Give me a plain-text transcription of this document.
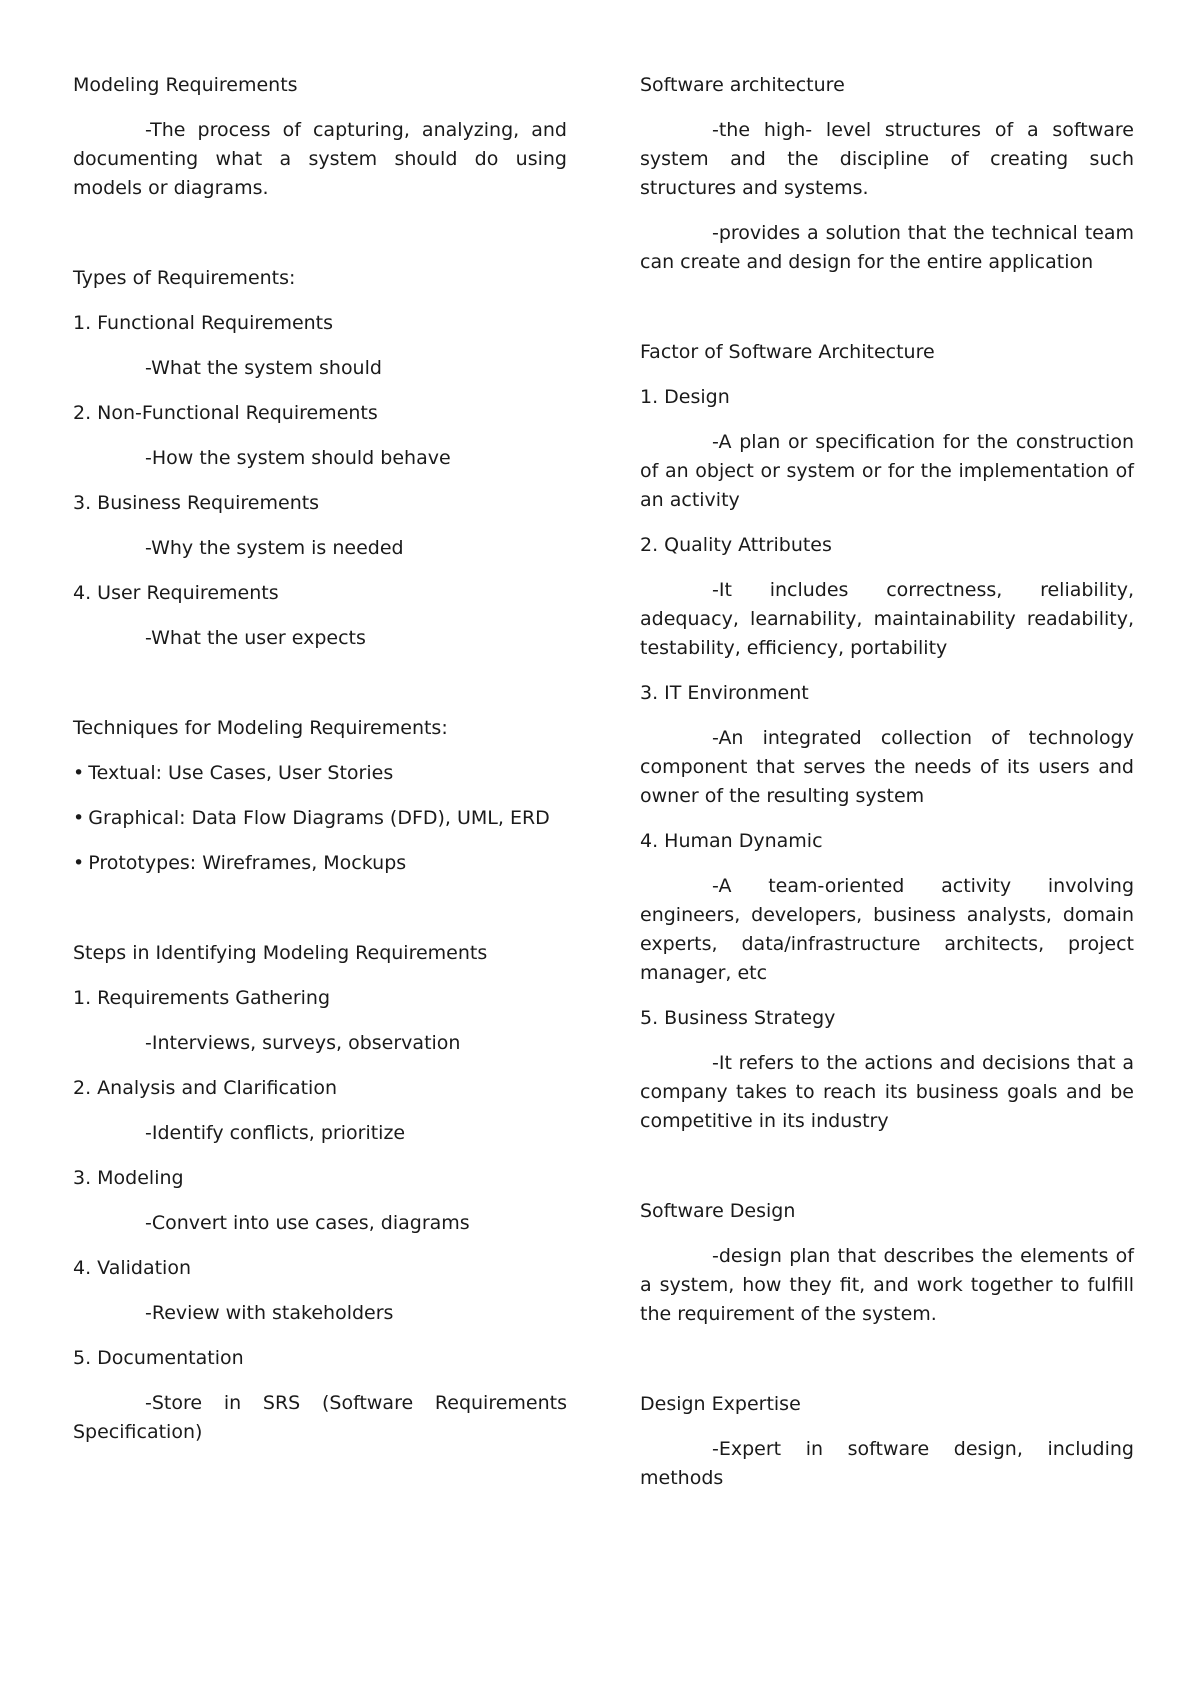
Modeling Requirements
-The process of capturing, analyzing, and documenting what a system should do using models or diagrams.
Types of Requirements:
1. Functional Requirements
-What the system should
2. Non-Functional Requirements
-How the system should behave
3. Business Requirements
-Why the system is needed
4. User Requirements
-What the user expects
Techniques for Modeling Requirements:
• Textual: Use Cases, User Stories
• Graphical: Data Flow Diagrams (DFD), UML, ERD
• Prototypes: Wireframes, Mockups
Steps in Identifying Modeling Requirements
1. Requirements Gathering
-Interviews, surveys, observation
2. Analysis and Clarification
-Identify conflicts, prioritize
3. Modeling
-Convert into use cases, diagrams
4. Validation
-Review with stakeholders
5. Documentation
-Store in SRS (Software Requirements Specification)
Software architecture
-the high- level structures of a software system and the discipline of creating such structures and systems.
-provides a solution that the technical team can create and design for the entire application
Factor of Software Architecture
1. Design
-A plan or specification for the construction of an object or system or for the implementation of an activity
2. Quality Attributes
-It includes correctness, reliability, adequacy, learnability, maintainability readability, testability, efficiency, portability
3. IT Environment
-An integrated collection of technology component that serves the needs of its users and owner of the resulting system
4. Human Dynamic
-A team-oriented activity involving engineers, developers, business analysts, domain experts, data/infrastructure architects, project manager, etc
5. Business Strategy
-It refers to the actions and decisions that a company takes to reach its business goals and be competitive in its industry
Software Design
-design plan that describes the elements of a system, how they fit, and work together to fulfill the requirement of the system.
Design Expertise
-Expert in software design, including methods
